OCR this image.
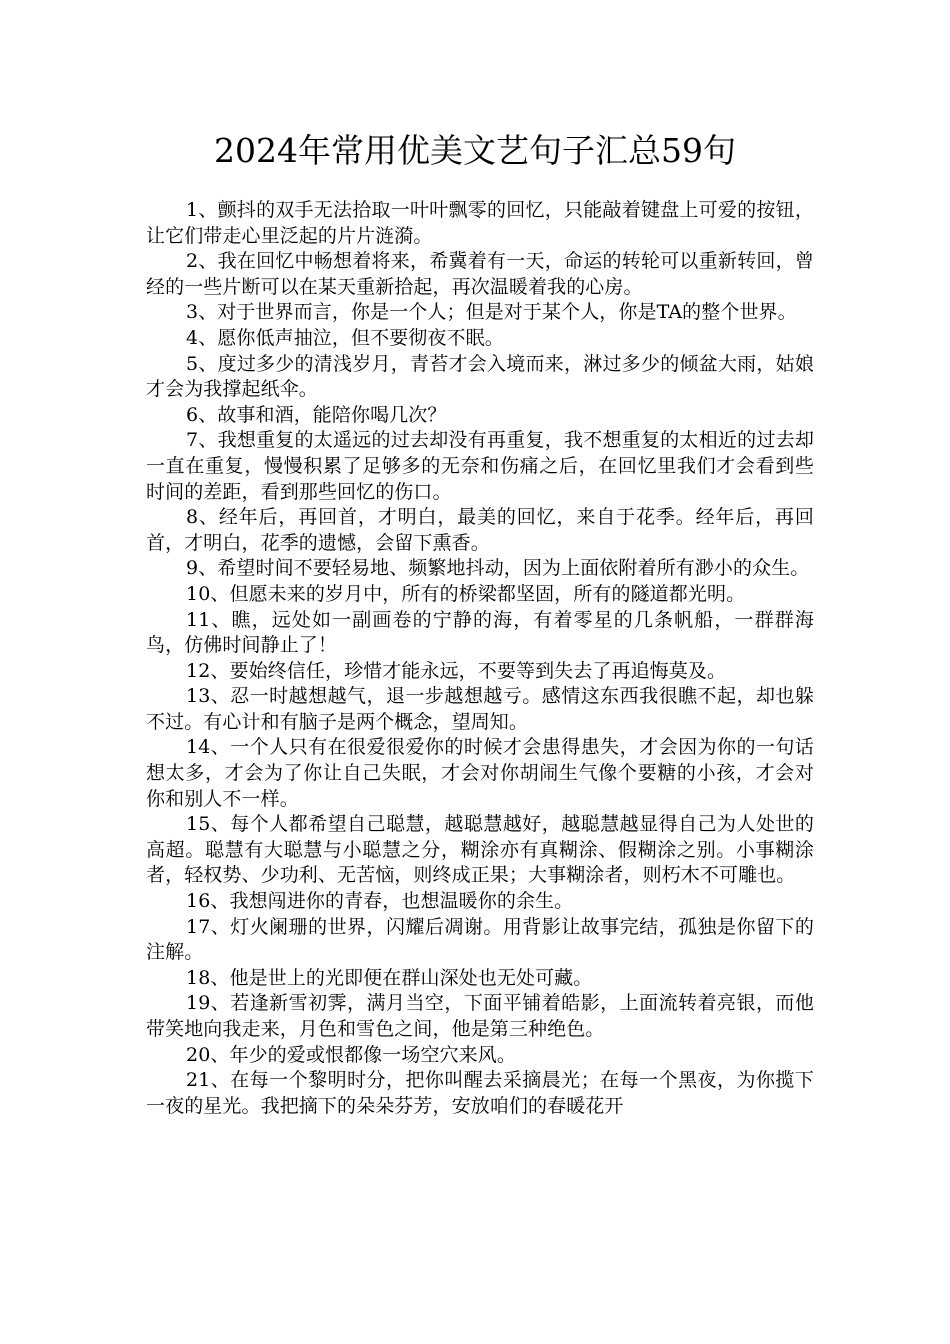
2024年常用优美文艺句子汇总59句

1、颤抖的双手无法拾取一叶叶飘零的回忆，只能敲着键盘上可爱的按钮，让它们带走心里泛起的片片涟漪。

2、我在回忆中畅想着将来，希冀着有一天，命运的转轮可以重新转回，曾经的一些片断可以在某天重新拾起，再次温暖着我的心房。

3、对于世界而言，你是一个人；但是对于某个人，你是TA的整个世界。

4、愿你低声抽泣，但不要彻夜不眠。

5、度过多少的清浅岁月，青苔才会入境而来，淋过多少的倾盆大雨，姑娘才会为我撑起纸伞。

6、故事和酒，能陪你喝几次？

7、我想重复的太遥远的过去却没有再重复，我不想重复的太相近的过去却一直在重复，慢慢积累了足够多的无奈和伤痛之后，在回忆里我们才会看到些时间的差距，看到那些回忆的伤口。

8、经年后，再回首，才明白，最美的回忆，来自于花季。经年后，再回首，才明白，花季的遗憾，会留下熏香。

9、希望时间不要轻易地、频繁地抖动，因为上面依附着所有渺小的众生。

10、但愿未来的岁月中，所有的桥梁都坚固，所有的隧道都光明。

11、瞧，远处如一副画卷的宁静的海，有着零星的几条帆船，一群群海鸟，仿佛时间静止了！

12、要始终信任，珍惜才能永远，不要等到失去了再追悔莫及。

13、忍一时越想越气，退一步越想越亏。感情这东西我很瞧不起，却也躲不过。有心计和有脑子是两个概念，望周知。

14、一个人只有在很爱很爱你的时候才会患得患失，才会因为你的一句话想太多，才会为了你让自己失眠，才会对你胡闹生气像个要糖的小孩，才会对你和别人不一样。

15、每个人都希望自己聪慧，越聪慧越好，越聪慧越显得自己为人处世的高超。聪慧有大聪慧与小聪慧之分，糊涂亦有真糊涂、假糊涂之别。小事糊涂者，轻权势、少功利、无苦恼，则终成正果；大事糊涂者，则朽木不可雕也。

16、我想闯进你的青春，也想温暖你的余生。

17、灯火阑珊的世界，闪耀后凋谢。用背影让故事完结，孤独是你留下的注解。

18、他是世上的光即便在群山深处也无处可藏。

19、若逢新雪初霁，满月当空，下面平铺着皓影，上面流转着亮银，而他带笑地向我走来，月色和雪色之间，他是第三种绝色。

20、年少的爱或恨都像一场空穴来风。

21、在每一个黎明时分，把你叫醒去采摘晨光；在每一个黑夜，为你揽下一夜的星光。我把摘下的朵朵芬芳，安放咱们的春暖花开
